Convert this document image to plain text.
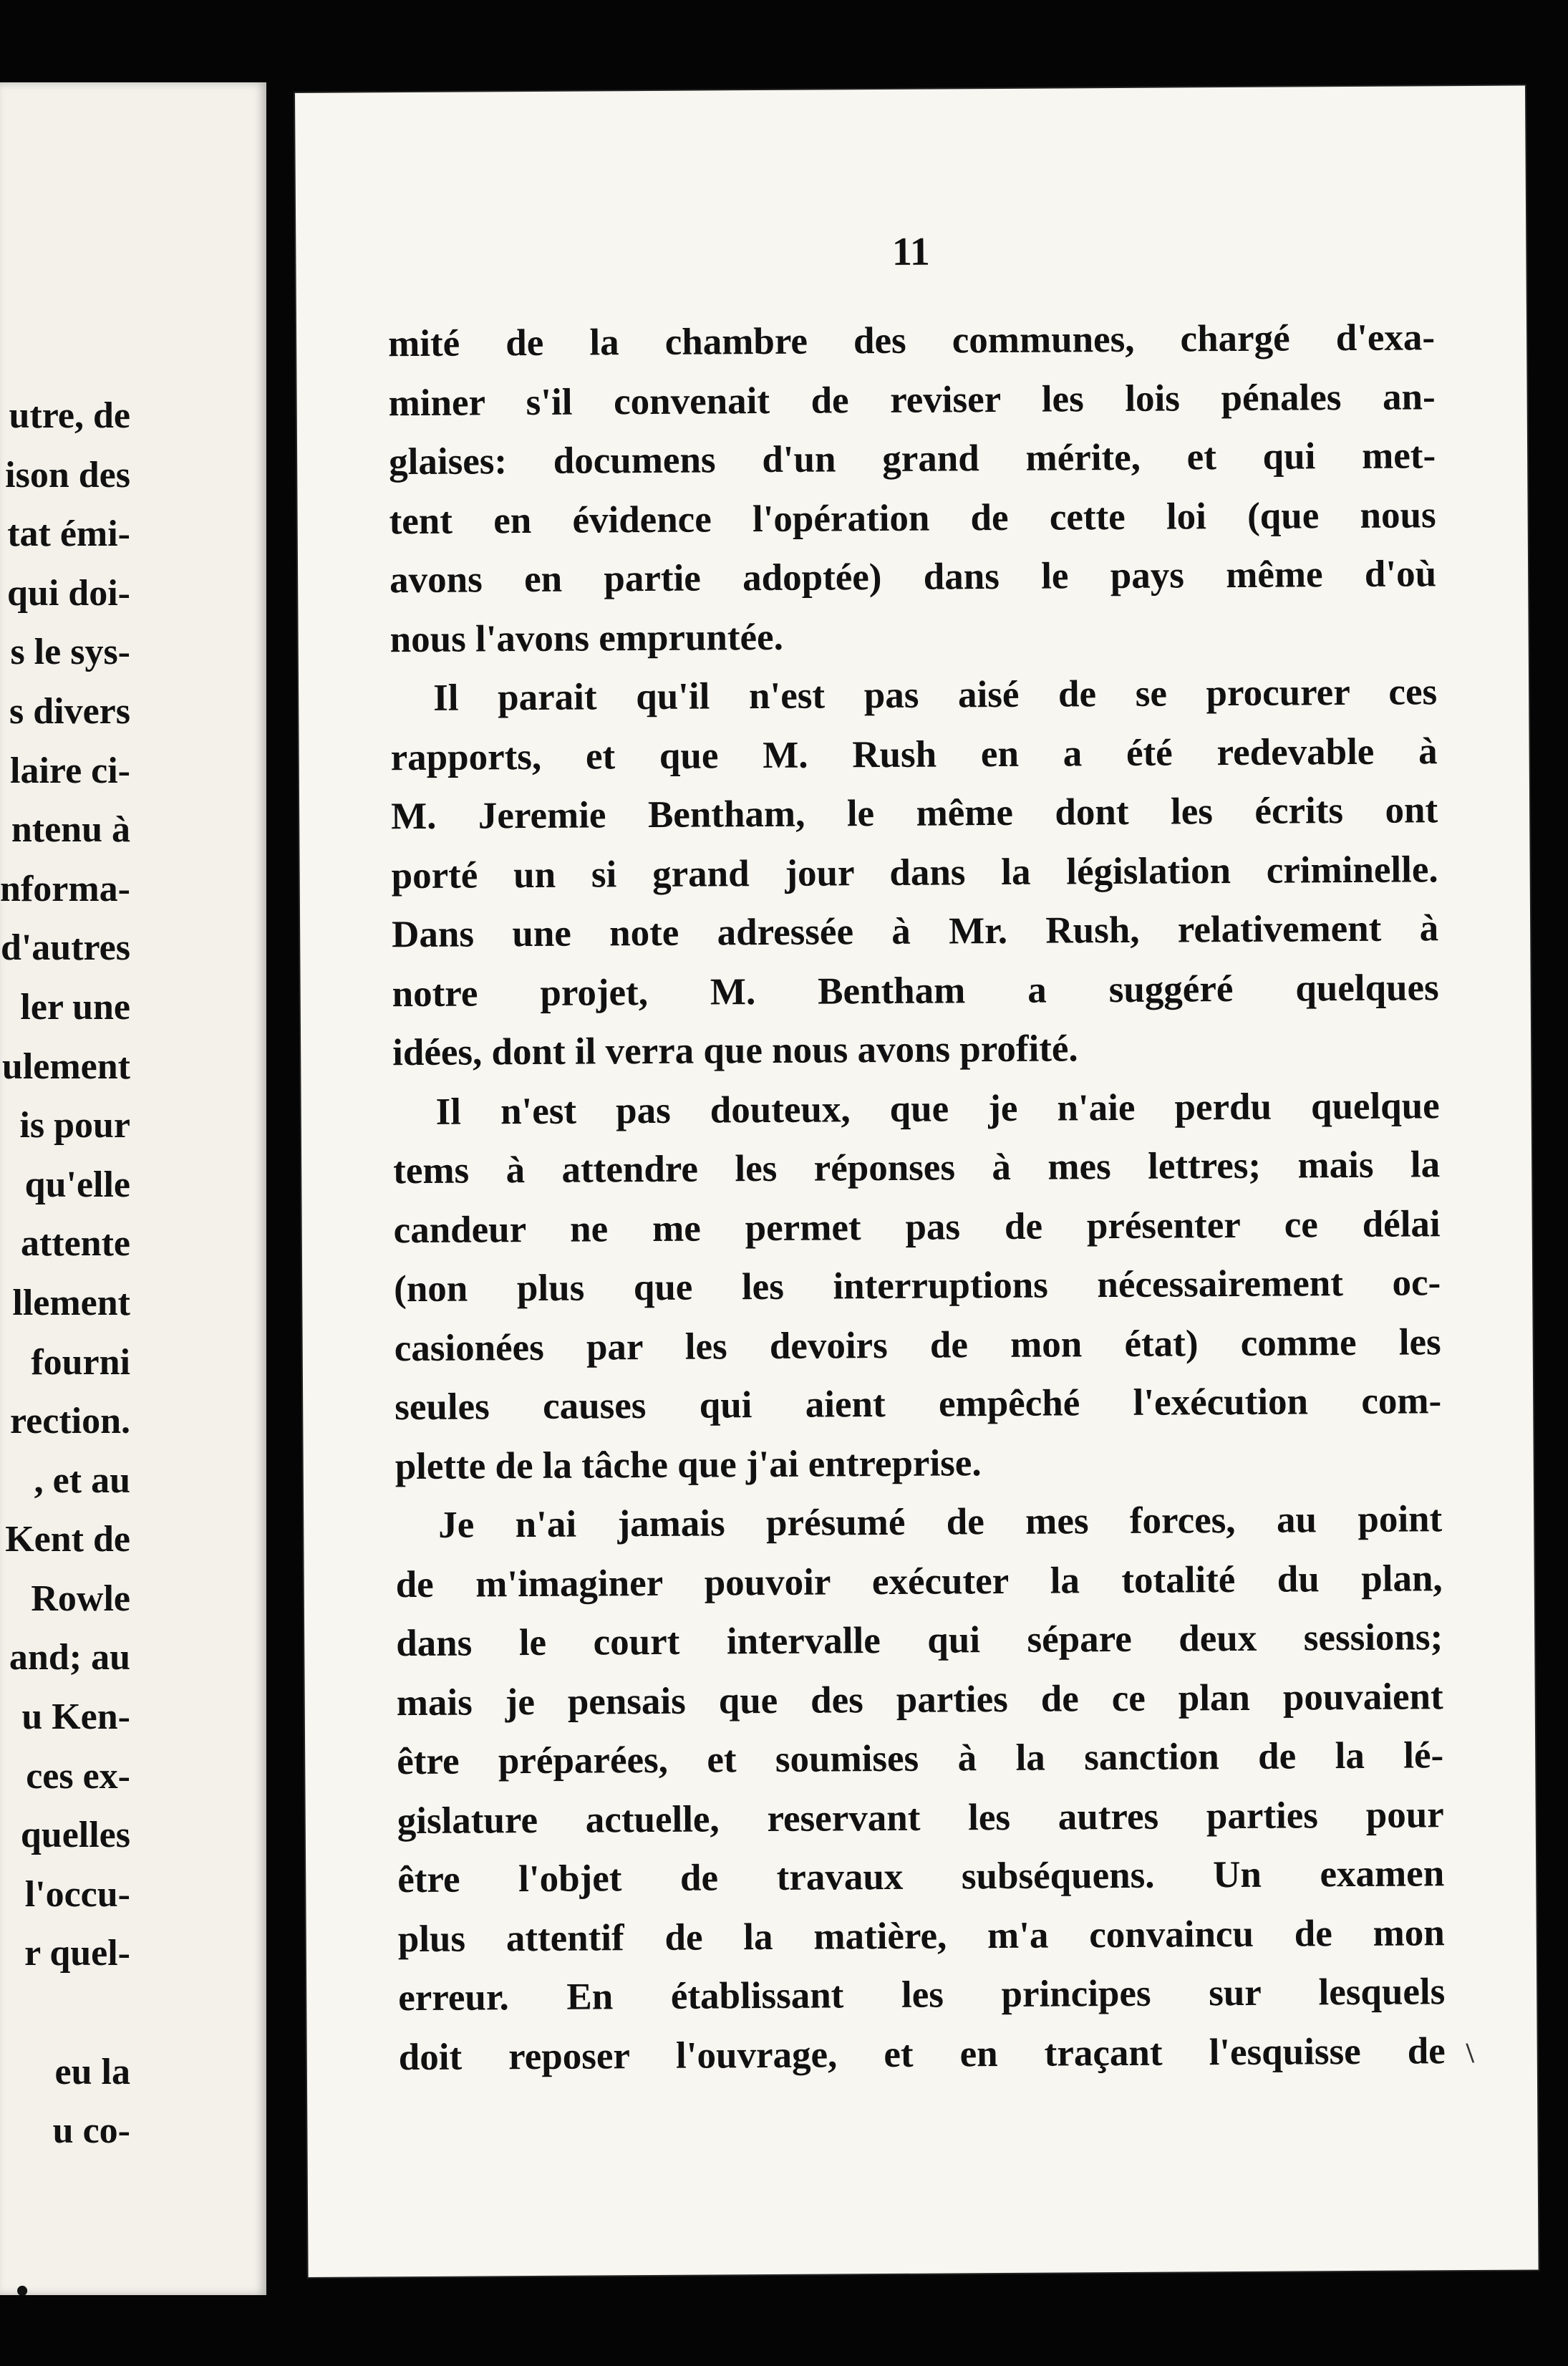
utre, de
ison des
tat émi-
qui doi-
s le sys-
s divers
laire ci-
ntenu à
nforma-
d'autres
ler une
ulement
is pour
qu'elle
attente
llement
fourni
rection.
, et au
Kent de
Rowle
and; au
u Ken-
ces ex-
quelles
l'occu-
r quel-
eu la
u co-
•
11
mité de la chambre des communes, chargé d'exa-
miner s'il convenait de reviser les lois pénales an-
glaises: documens d'un grand mérite, et qui met-
tent en évidence l'opération de cette loi (que nous
avons en partie adoptée) dans le pays même d'où
nous l'avons empruntée.
Il parait qu'il n'est pas aisé de se procurer ces
rapports, et que M. Rush en a été redevable à
M. Jeremie Bentham, le même dont les écrits ont
porté un si grand jour dans la législation criminelle.
Dans une note adressée à Mr. Rush, relativement à
notre projet, M. Bentham a suggéré quelques
idées, dont il verra que nous avons profité.
Il n'est pas douteux, que je n'aie perdu quelque
tems à attendre les réponses à mes lettres; mais la
candeur ne me permet pas de présenter ce délai
(non plus que les interruptions nécessairement oc-
casionées par les devoirs de mon état) comme les
seules causes qui aient empêché l'exécution com-
plette de la tâche que j'ai entreprise.
Je n'ai jamais présumé de mes forces, au point
de m'imaginer pouvoir exécuter la totalité du plan,
dans le court intervalle qui sépare deux sessions;
mais je pensais que des parties de ce plan pouvaient
être préparées, et soumises à la sanction de la lé-
gislature actuelle, reservant les autres parties pour
être l'objet de travaux subséquens. Un examen
plus attentif de la matière, m'a convaincu de mon
erreur. En établissant les principes sur lesquels
doit reposer l'ouvrage, et en traçant l'esquisse de \
